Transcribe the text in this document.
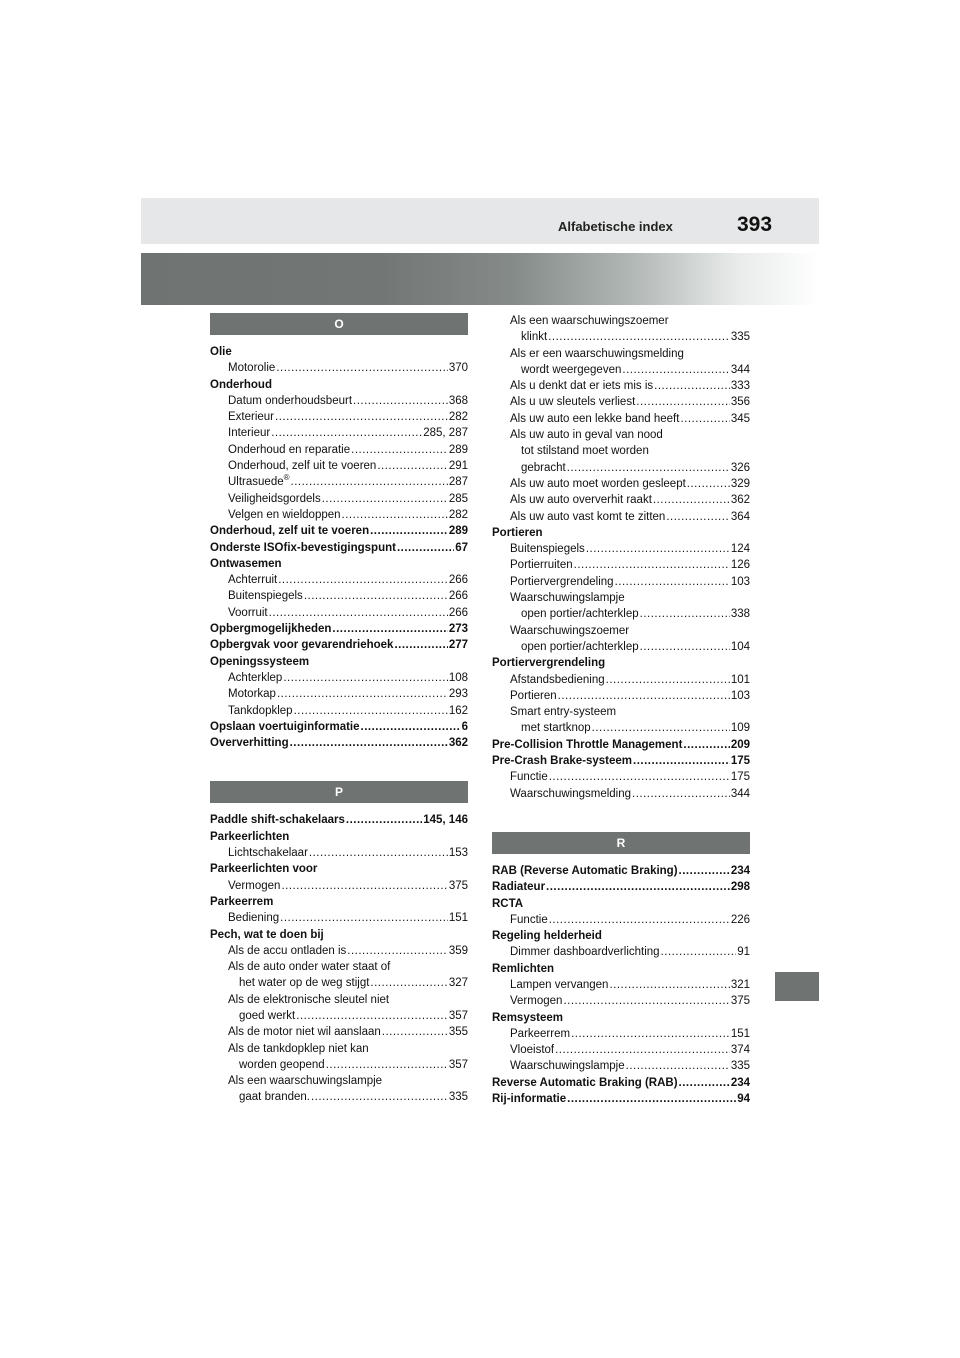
Alfabetische index	393
O
Olie
Motorolie .....	370
Onderhoud
Datum onderhoudsbeurt .....	368
Exterieur .....	282
Interieur .....	285, 287
Onderhoud en reparatie .....	289
Onderhoud, zelf uit te voeren .....	291
Ultrasuede® .....	287
Veiligheidsgordels .....	285
Velgen en wieldoppen .....	282
Onderhoud, zelf uit te voeren .....	289
Onderste ISOfix-bevestigingspunt .....	67
Ontwasemen
Achterruit .....	266
Buitenspiegels .....	266
Voorruit .....	266
Opbergmogelijkheden .....	273
Opbergvak voor gevarendriehoek .....	277
Openingssysteem
Achterklep .....	108
Motorkap .....	293
Tankdopklep .....	162
Opslaan voertuiginformatie .....	6
Oververhitting .....	362
P
Paddle shift-schakelaars .....	145, 146
Parkeerlichten
Lichtschakelaar .....	153
Parkeerlichten voor
Vermogen .....	375
Parkeerrem
Bediening .....	151
Pech, wat te doen bij
Als de accu ontladen is .....	359
Als de auto onder water staat of
het water op de weg stijgt .....	327
Als de elektronische sleutel niet
goed werkt .....	357
Als de motor niet wil aanslaan .....	355
Als de tankdopklep niet kan
worden geopend .....	357
Als een waarschuwingslampje
gaat branden. .....	335
Als een waarschuwingszoemer
klinkt .....	335
Als er een waarschuwingsmelding
wordt weergegeven .....	344
Als u denkt dat er iets mis is .....	333
Als u uw sleutels verliest .....	356
Als uw auto een lekke band heeft .....	345
Als uw auto in geval van nood
tot stilstand moet worden
gebracht .....	326
Als uw auto moet worden gesleept .....	329
Als uw auto oververhit raakt .....	362
Als uw auto vast komt te zitten .....	364
Portieren
Buitenspiegels .....	124
Portierruiten .....	126
Portiervergrendeling .....	103
Waarschuwingslampje
open portier/achterklep .....	338
Waarschuwingszoemer
open portier/achterklep .....	104
Portiervergrendeling
Afstandsbediening .....	101
Portieren .....	103
Smart entry-systeem
met startknop .....	109
Pre-Collision Throttle Management .....	209
Pre-Crash Brake-systeem .....	175
Functie .....	175
Waarschuwingsmelding .....	344
R
RAB (Reverse Automatic Braking) .....	234
Radiateur .....	298
RCTA
Functie .....	226
Regeling helderheid
Dimmer dashboardverlichting .....	91
Remlichten
Lampen vervangen .....	321
Vermogen .....	375
Remsysteem
Parkeerrem .....	151
Vloeistof .....	374
Waarschuwingslampje .....	335
Reverse Automatic Braking (RAB) .....	234
Rij-informatie .....	94
